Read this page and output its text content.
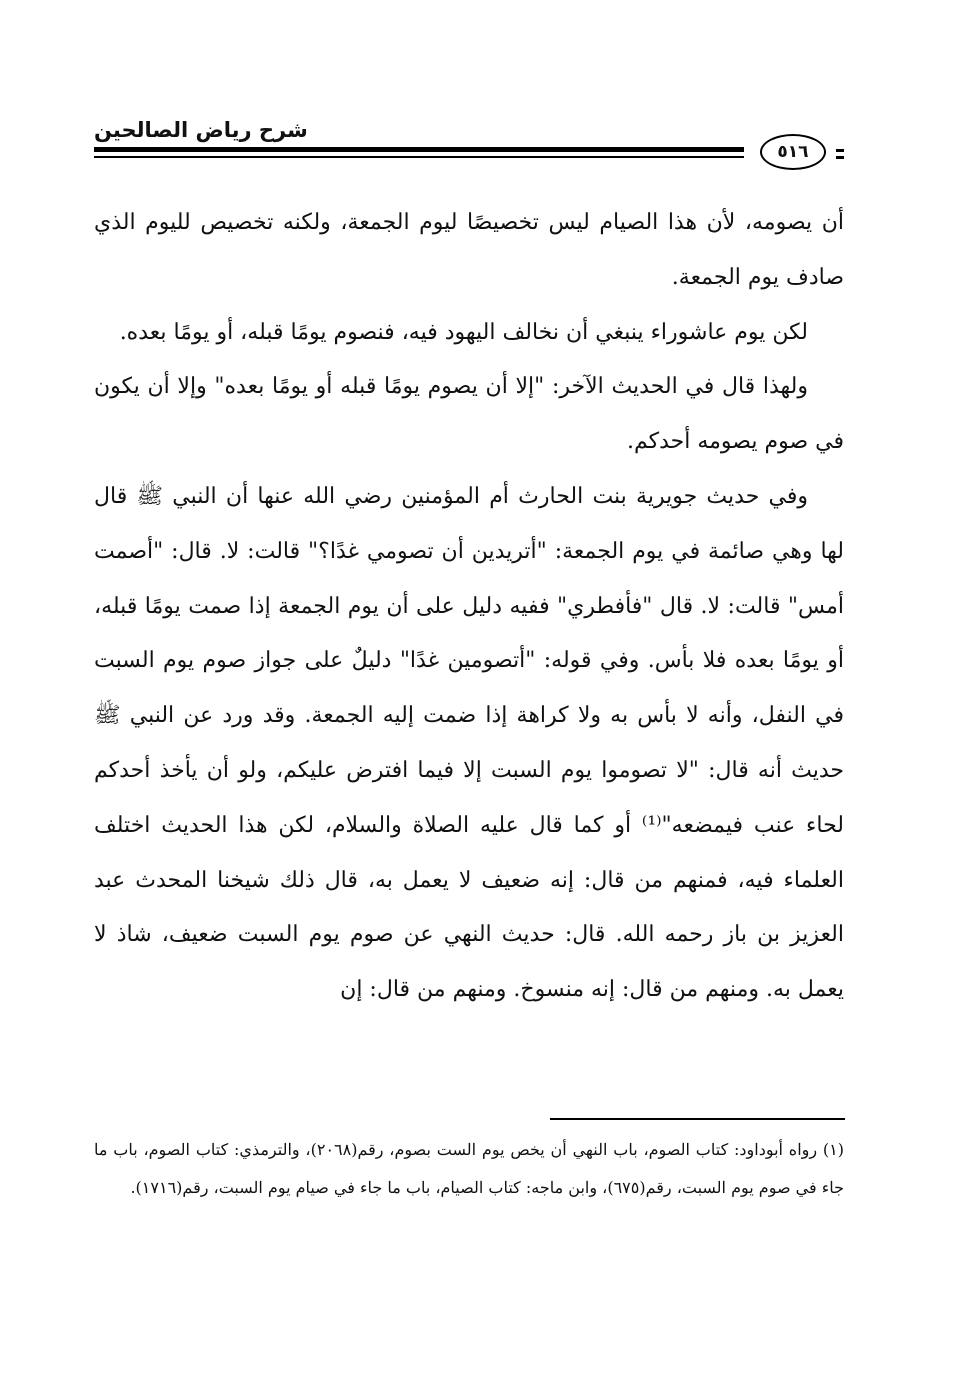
شرح رياض الصالحين
٥١٦

أن يصومه، لأن هذا الصيام ليس تخصيصًا ليوم الجمعة، ولكنه تخصيص لليوم الذي صادف يوم الجمعة.

لكن يوم عاشوراء ينبغي أن نخالف اليهود فيه، فنصوم يومًا قبله، أو يومًا بعده.

ولهذا قال في الحديث الآخر: "إلا أن يصوم يومًا قبله أو يومًا بعده" وإلا أن يكون في صوم يصومه أحدكم.

وفي حديث جويرية بنت الحارث أم المؤمنين رضي الله عنها أن النبي ﷺ قال لها وهي صائمة في يوم الجمعة: "أتريدين أن تصومي غدًا؟" قالت: لا. قال: "أصمت أمس" قالت: لا. قال "فأفطري" ففيه دليل على أن يوم الجمعة إذا صمت يومًا قبله، أو يومًا بعده فلا بأس. وفي قوله: "أتصومين غدًا" دليلٌ على جواز صوم يوم السبت في النفل، وأنه لا بأس به ولا كراهة إذا ضمت إليه الجمعة. وقد ورد عن النبي ﷺ حديث أنه قال: "لا تصوموا يوم السبت إلا فيما افترض عليكم، ولو أن يأخذ أحدكم لحاء عنب فيمضعه"⁽¹⁾ أو كما قال عليه الصلاة والسلام، لكن هذا الحديث اختلف العلماء فيه، فمنهم من قال: إنه ضعيف لا يعمل به، قال ذلك شيخنا المحدث عبد العزيز بن باز رحمه الله. قال: حديث النهي عن صوم يوم السبت ضعيف، شاذ لا يعمل به. ومنهم من قال: إنه منسوخ. ومنهم من قال: إن

(١) رواه أبوداود: كتاب الصوم، باب النهي أن يخص يوم الست بصوم، رقم(٢٠٦٨)، والترمذي: كتاب الصوم، باب ما جاء في صوم يوم السبت، رقم(٦٧٥)، وابن ماجه: كتاب الصيام، باب ما جاء في صيام يوم السبت، رقم(١٧١٦).
